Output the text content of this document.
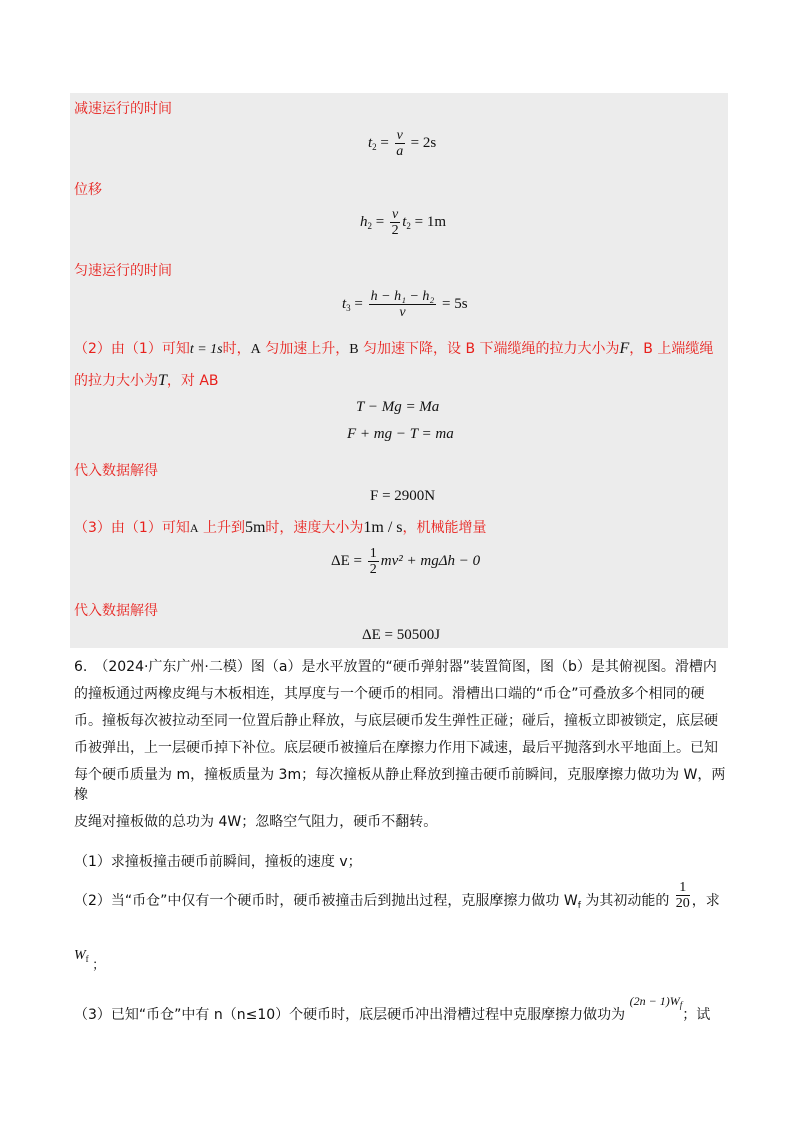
减速运行的时间
$t_2 = \frac{v}{a} = 2s$
位移
$h_2 = \frac{v}{2} t_2 = 1m$
匀速运行的时间
$t_3 = \frac{\text{h − h₁ − h₂}}{v} = 5s$
（2）由（1）可知t = 1s时，A 匀加速上升，B 匀加速下降，设 B 下端缆绳的拉力大小为F，B 上端缆绳
的拉力大小为T，对 AB
T − Mg = Ma
F + mg − T = ma
代入数据解得
F = 2900N
（3）由（1）可知A 上升到5m时，速度大小为1m / s，机械能增量
$\Delta E = \frac{1}{2} mv^2 + mg\Delta h - 0$
代入数据解得
ΔE = 50500J
6.　（2024·广东广州·二模）图（a）是水平放置的“硬币弹射器”装置简图，图（b）是其俯视图。滑槽内
的撞板通过两橡皮绳与木板相连，其厚度与一个硬币的相同。滑槽出口端的“币仓”可叠放多个相同的硬
币。撞板每次被拉动至同一位置后静止释放，与底层硬币发生弹性正碰；碰后，撞板立即被锁定，底层硬
币被弹出，上一层硬币掉下补位。底层硬币被撞后在摩擦力作用下减速，最后平抛落到水平地面上。已知
每个硬币质量为 m，撞板质量为 3m；每次撞板从静止释放到撞击硬币前瞬间，克服摩擦力做功为 W，两橡
皮绳对撞板做的总功为 4W；忽略空气阻力，硬币不翻转。
（1）求撞板撞击硬币前瞬间，撞板的速度 v；
（2）当“币仓”中仅有一个硬币时，硬币被撞击后到抛出过程，克服摩擦力做功 $W_f$ 为其初动能的 $\frac{1}{20}$ ，求
$W_f$ ；
（3）已知“币仓”中有 n（n≤10）个硬币时，底层硬币冲出滑槽过程中克服摩擦力做功为 $(2n - 1)W_f$；试
